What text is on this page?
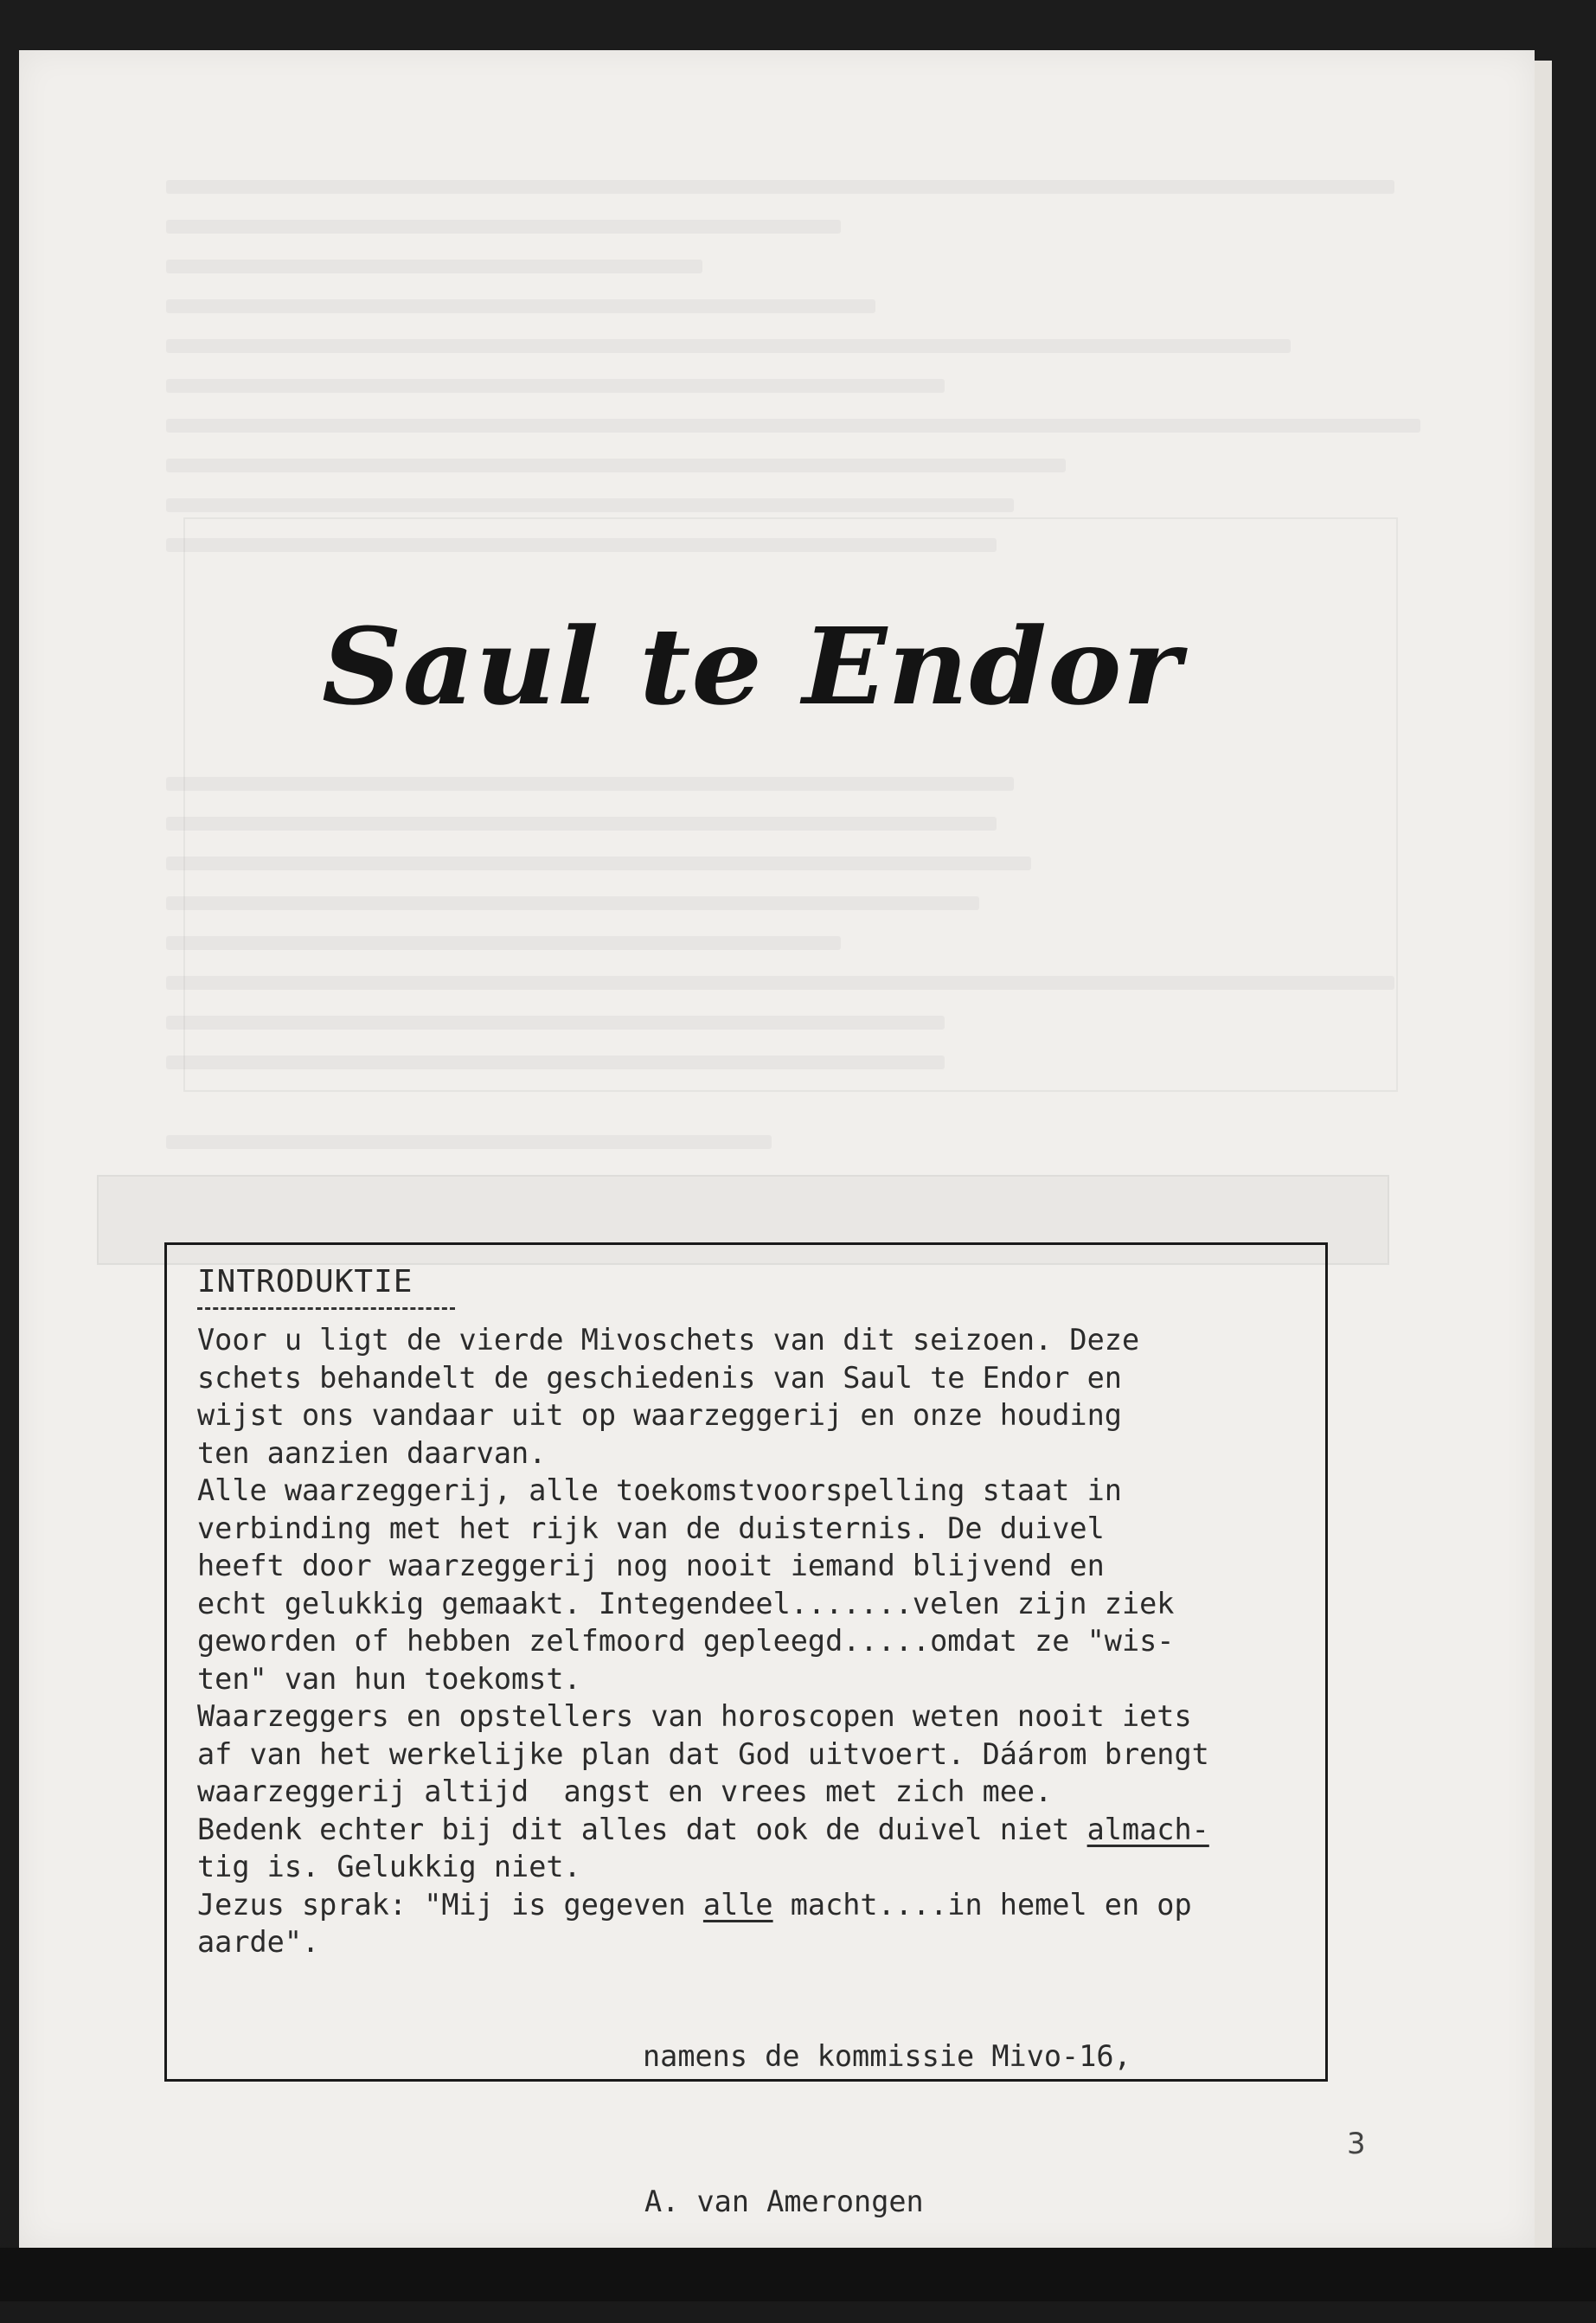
Saul te Endor
INTRODUKTIE
Voor u ligt de vierde Mivoschets van dit seizoen. Deze
schets behandelt de geschiedenis van Saul te Endor en
wijst ons vandaar uit op waarzeggerij en onze houding
ten aanzien daarvan.
Alle waarzeggerij, alle toekomstvoorspelling staat in
verbinding met het rijk van de duisternis. De duivel
heeft door waarzeggerij nog nooit iemand blijvend en
echt gelukkig gemaakt. Integendeel.......velen zijn ziek
geworden of hebben zelfmoord gepleegd.....omdat ze "wis-
ten" van hun toekomst.
Waarzeggers en opstellers van horoscopen weten nooit iets
af van het werkelijke plan dat God uitvoert. Dáárom brengt
waarzeggerij altijd  angst en vrees met zich mee.
Bedenk echter bij dit alles dat ook de duivel niet almach-
tig is. Gelukkig niet.
Jezus sprak: "Mij is gegeven alle macht....in hemel en op
aarde".

namens de kommissie Mivo-16,

A. van Amerongen

3
